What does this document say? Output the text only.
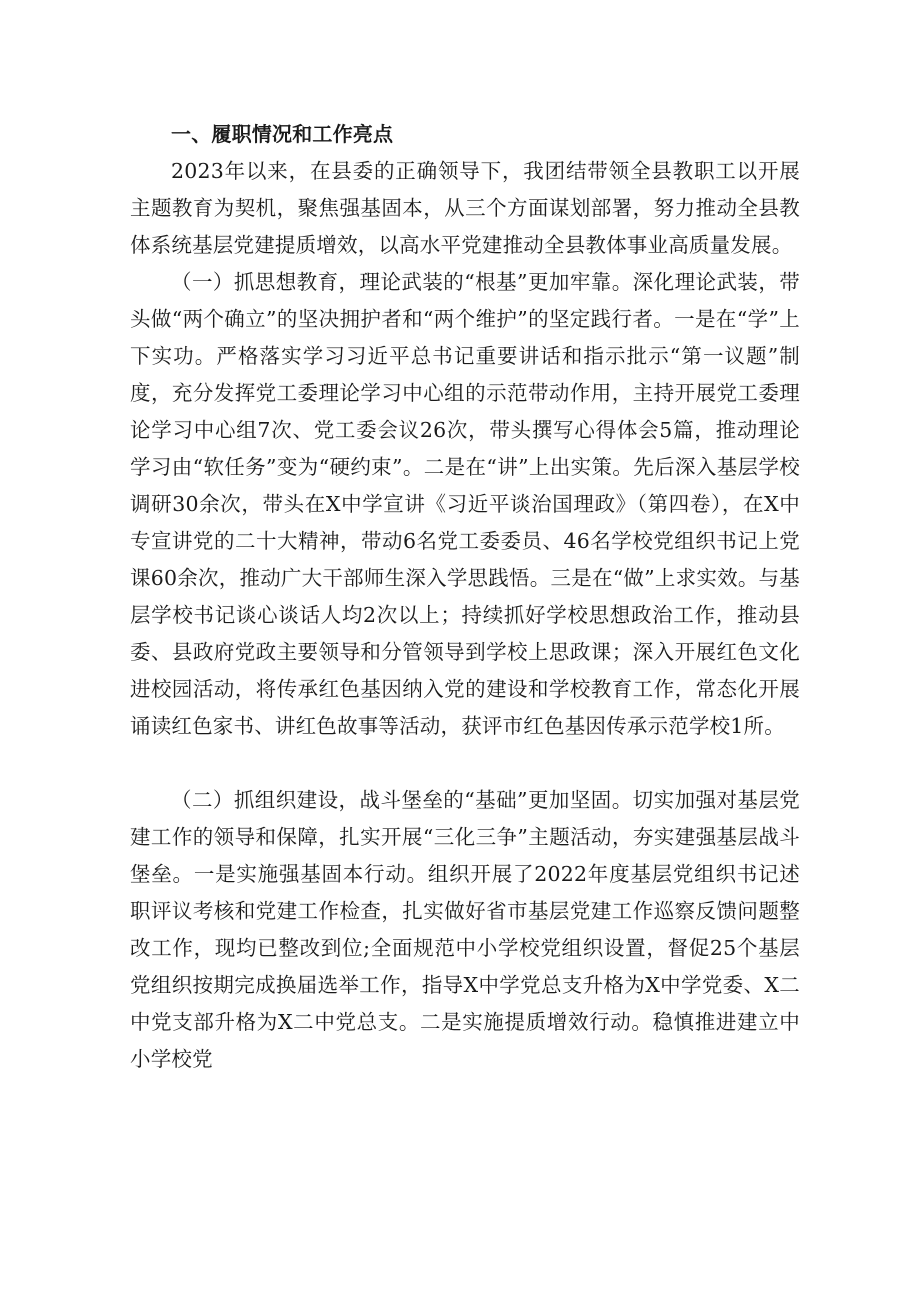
一、履职情况和工作亮点

2023年以来，在县委的正确领导下，我团结带领全县教职工以开展主题教育为契机，聚焦强基固本，从三个方面谋划部署，努力推动全县教体系统基层党建提质增效，以高水平党建推动全县教体事业高质量发展。

（一）抓思想教育，理论武装的“根基”更加牢靠。深化理论武装，带头做“两个确立”的坚决拥护者和“两个维护”的坚定践行者。一是在“学”上下实功。严格落实学习习近平总书记重要讲话和指示批示“第一议题”制度，充分发挥党工委理论学习中心组的示范带动作用，主持开展党工委理论学习中心组7次、党工委会议26次，带头撰写心得体会5篇，推动理论学习由“软任务”变为“硬约束”。二是在“讲”上出实策。先后深入基层学校调研30余次，带头在X中学宣讲《习近平谈治国理政》（第四卷），在X中专宣讲党的二十大精神，带动6名党工委委员、46名学校党组织书记上党课60余次，推动广大干部师生深入学思践悟。三是在“做”上求实效。与基层学校书记谈心谈话人均2次以上；持续抓好学校思想政治工作，推动县委、县政府党政主要领导和分管领导到学校上思政课；深入开展红色文化进校园活动，将传承红色基因纳入党的建设和学校教育工作，常态化开展诵读红色家书、讲红色故事等活动，获评市红色基因传承示范学校1所。

（二）抓组织建设，战斗堡垒的“基础”更加坚固。切实加强对基层党建工作的领导和保障，扎实开展“三化三争”主题活动，夯实建强基层战斗堡垒。一是实施强基固本行动。组织开展了2022年度基层党组织书记述职评议考核和党建工作检查，扎实做好省市基层党建工作巡察反馈问题整改工作，现均已整改到位;全面规范中小学校党组织设置，督促25个基层党组织按期完成换届选举工作，指导X中学党总支升格为X中学党委、X二中党支部升格为X二中党总支。二是实施提质增效行动。稳慎推进建立中小学校党
